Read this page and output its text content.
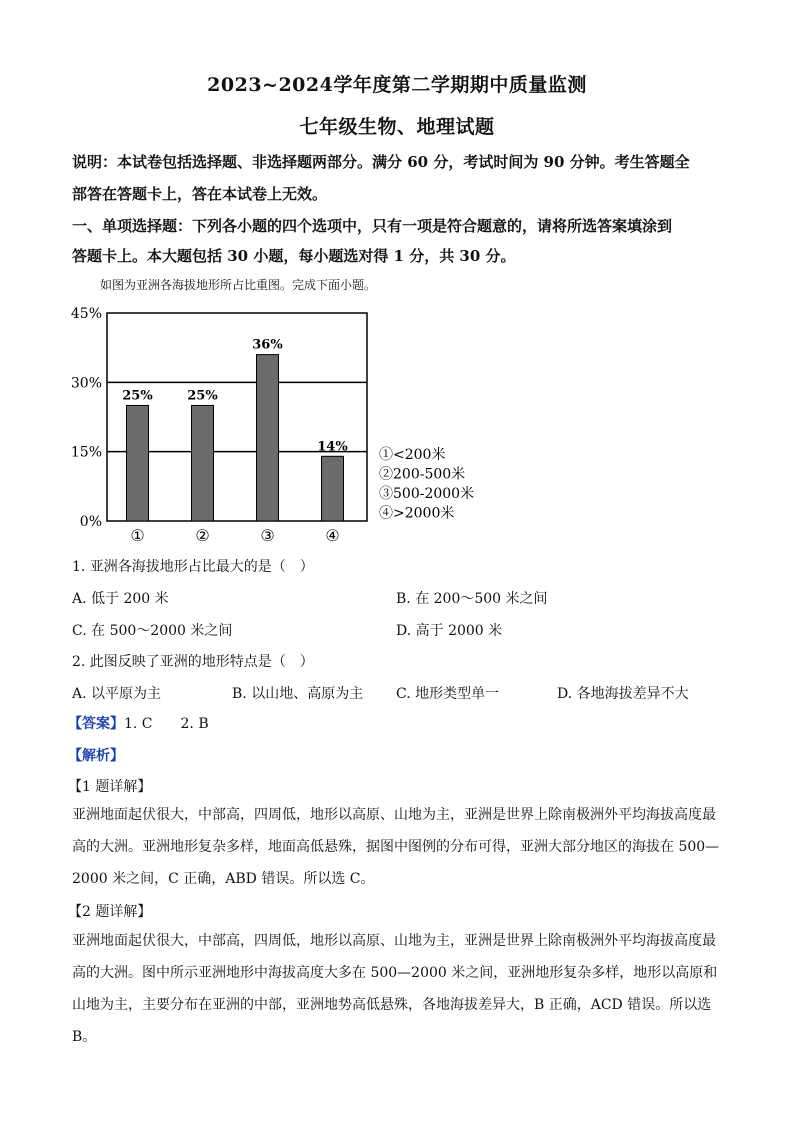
2023~2024学年度第二学期期中质量监测
七年级生物、地理试题
说明：本试卷包括选择题、非选择题两部分。满分 60 分，考试时间为 90 分钟。考生答题全
部答在答题卡上，答在本试卷上无效。
一、单项选择题：下列各小题的四个选项中，只有一项是符合题意的，请将所选答案填涂到
答题卡上。本大题包括 30 小题，每小题选对得 1 分，共 30 分。
如图为亚洲各海拔地形所占比重图。完成下面小题。
25%	25%
36%
14%
0%
15%
30%
45%
①	②	③	④
①<200米
②200-500米
③500-2000米
④>2000米
1. 亚洲各海拔地形占比最大的是（　）
A. 低于 200 米	B. 在 200～500 米之间
C. 在 500～2000 米之间	D. 高于 2000 米
2. 此图反映了亚洲的地形特点是（　）
A. 以平原为主	B. 以山地、高原为主 C. 地形类型单一	D. 各地海拔差异不大
【答案】1. C　　2. B
【解析】
【1 题详解】
亚洲地面起伏很大，中部高，四周低，地形以高原、山地为主，亚洲是世界上除南极洲外平均海拔高度最高的大洲。亚洲地形复杂多样，地面高低悬殊，据图中图例的分布可得，亚洲大部分地区的海拔在 500—2000 米之间，C 正确，ABD 错误。所以选 C。
【2 题详解】
亚洲地面起伏很大，中部高，四周低，地形以高原、山地为主，亚洲是世界上除南极洲外平均海拔高度最高的大洲。图中所示亚洲地形中海拔高度大多在 500—2000 米之间，亚洲地形复杂多样，地形以高原和山地为主，主要分布在亚洲的中部，亚洲地势高低悬殊，各地海拔差异大，B 正确，ACD 错误。所以选 B。
